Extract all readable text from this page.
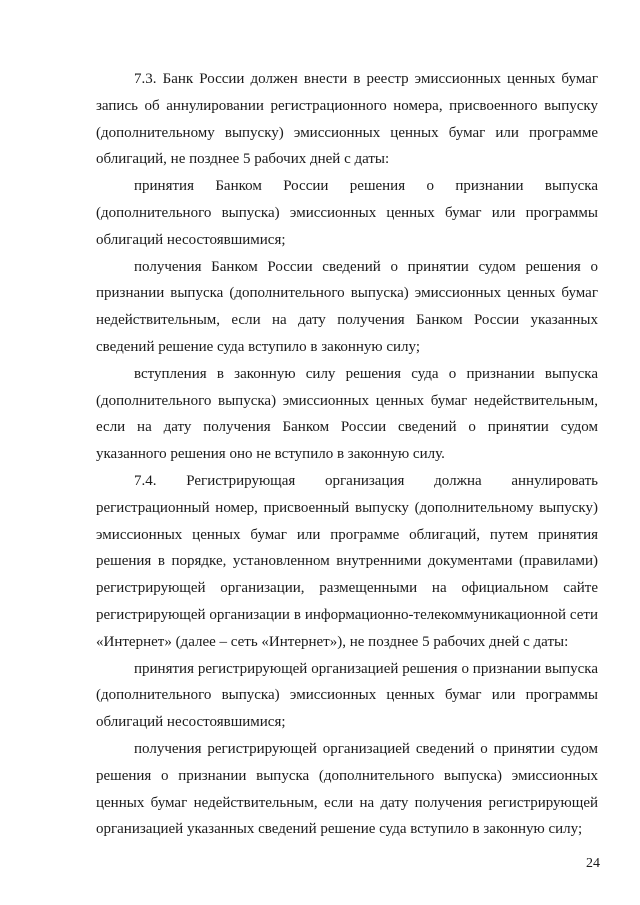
7.3. Банк России должен внести в реестр эмиссионных ценных бумаг запись об аннулировании регистрационного номера, присвоенного выпуску (дополнительному выпуску) эмиссионных ценных бумаг или программе облигаций, не позднее 5 рабочих дней с даты:

принятия Банком России решения о признании выпуска (дополнительного выпуска) эмиссионных ценных бумаг или программы облигаций несостоявшимися;

получения Банком России сведений о принятии судом решения о признании выпуска (дополнительного выпуска) эмиссионных ценных бумаг недействительным, если на дату получения Банком России указанных сведений решение суда вступило в законную силу;

вступления в законную силу решения суда о признании выпуска (дополнительного выпуска) эмиссионных ценных бумаг недействительным, если на дату получения Банком России сведений о принятии судом указанного решения оно не вступило в законную силу.

7.4. Регистрирующая организация должна аннулировать регистрационный номер, присвоенный выпуску (дополнительному выпуску) эмиссионных ценных бумаг или программе облигаций, путем принятия решения в порядке, установленном внутренними документами (правилами) регистрирующей организации, размещенными на официальном сайте регистрирующей организации в информационно-телекоммуникационной сети «Интернет» (далее – сеть «Интернет»), не позднее 5 рабочих дней с даты:

принятия регистрирующей организацией решения о признании выпуска (дополнительного выпуска) эмиссионных ценных бумаг или программы облигаций несостоявшимися;

получения регистрирующей организацией сведений о принятии судом решения о признании выпуска (дополнительного выпуска) эмиссионных ценных бумаг недействительным, если на дату получения регистрирующей организацией указанных сведений решение суда вступило в законную силу;

24
